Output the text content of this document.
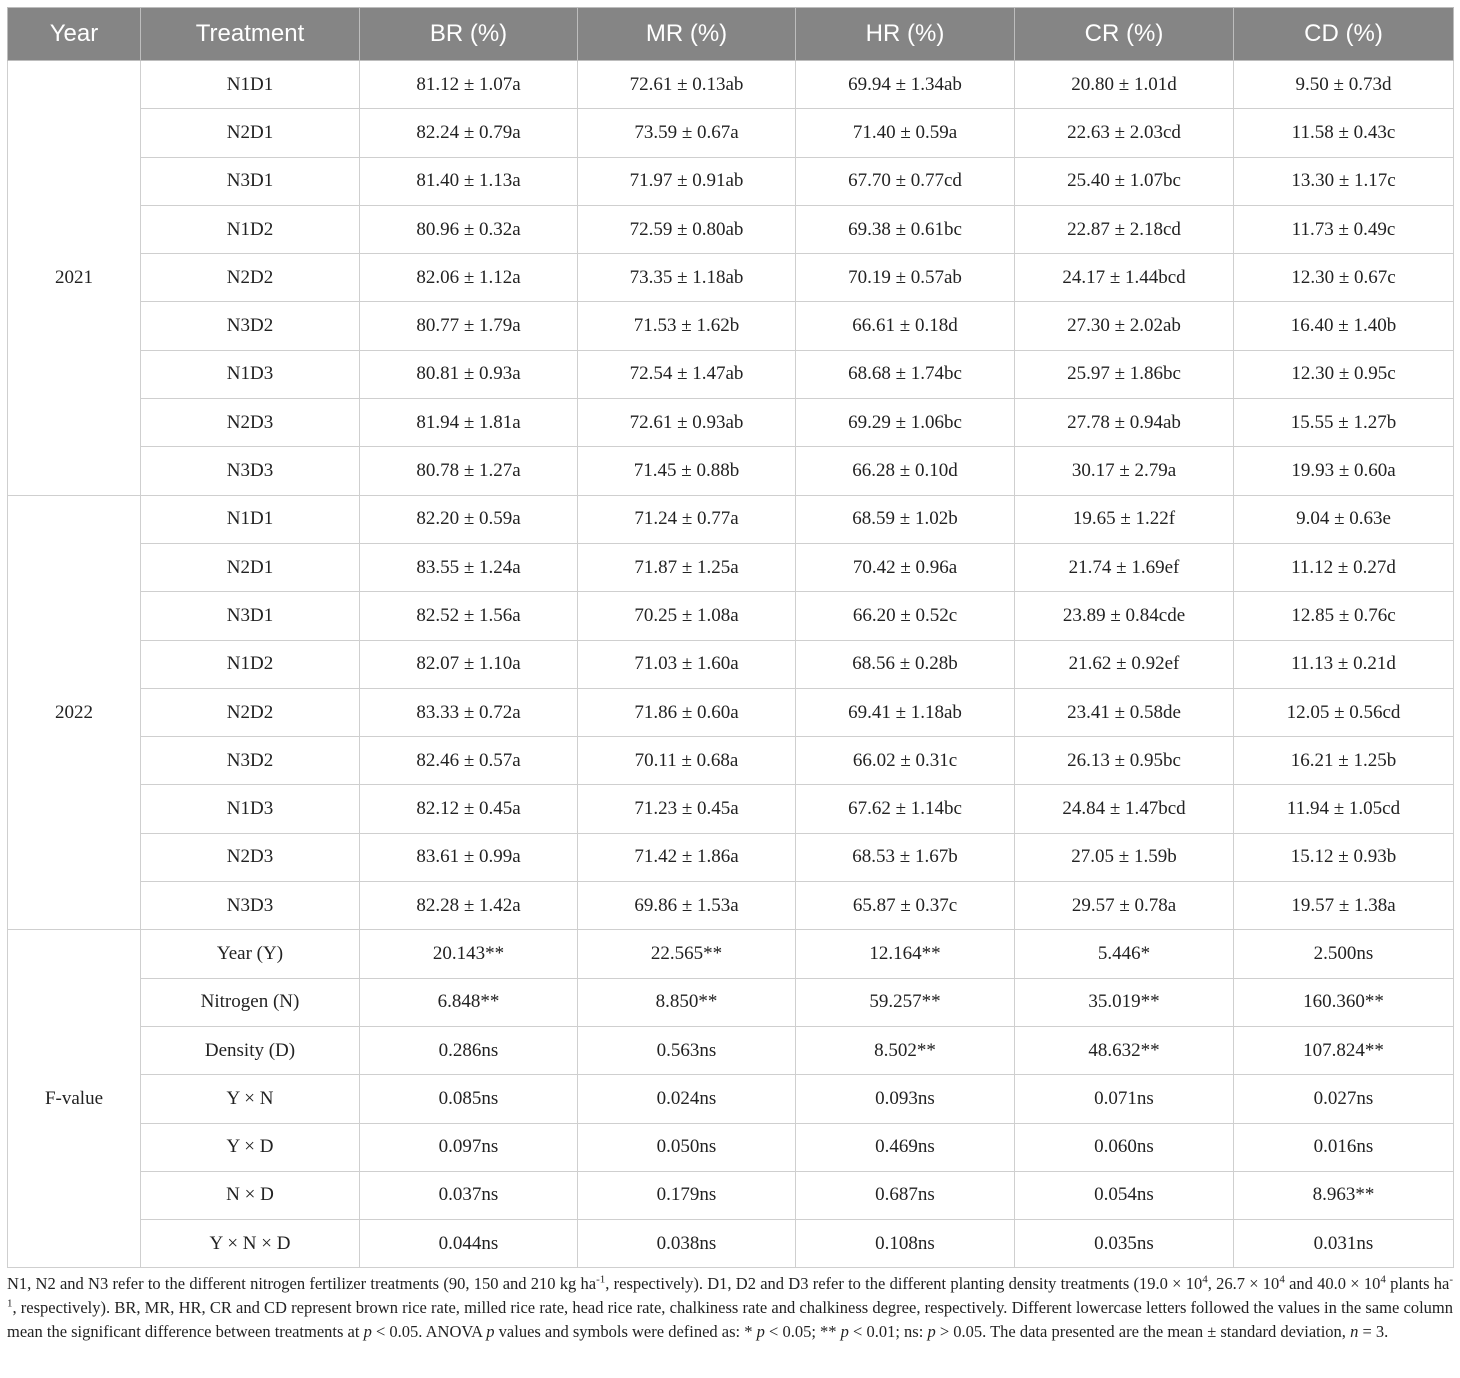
Year	Treatment	BR (%)	MR (%)	HR (%)	CR (%)	CD (%)
2021	N1D1	81.12 ± 1.07a	72.61 ± 0.13ab	69.94 ± 1.34ab	20.80 ± 1.01d	9.50 ± 0.73d
	N2D1	82.24 ± 0.79a	73.59 ± 0.67a	71.40 ± 0.59a	22.63 ± 2.03cd	11.58 ± 0.43c
	N3D1	81.40 ± 1.13a	71.97 ± 0.91ab	67.70 ± 0.77cd	25.40 ± 1.07bc	13.30 ± 1.17c
	N1D2	80.96 ± 0.32a	72.59 ± 0.80ab	69.38 ± 0.61bc	22.87 ± 2.18cd	11.73 ± 0.49c
	N2D2	82.06 ± 1.12a	73.35 ± 1.18ab	70.19 ± 0.57ab	24.17 ± 1.44bcd	12.30 ± 0.67c
	N3D2	80.77 ± 1.79a	71.53 ± 1.62b	66.61 ± 0.18d	27.30 ± 2.02ab	16.40 ± 1.40b
	N1D3	80.81 ± 0.93a	72.54 ± 1.47ab	68.68 ± 1.74bc	25.97 ± 1.86bc	12.30 ± 0.95c
	N2D3	81.94 ± 1.81a	72.61 ± 0.93ab	69.29 ± 1.06bc	27.78 ± 0.94ab	15.55 ± 1.27b
	N3D3	80.78 ± 1.27a	71.45 ± 0.88b	66.28 ± 0.10d	30.17 ± 2.79a	19.93 ± 0.60a
2022	N1D1	82.20 ± 0.59a	71.24 ± 0.77a	68.59 ± 1.02b	19.65 ± 1.22f	9.04 ± 0.63e
	N2D1	83.55 ± 1.24a	71.87 ± 1.25a	70.42 ± 0.96a	21.74 ± 1.69ef	11.12 ± 0.27d
	N3D1	82.52 ± 1.56a	70.25 ± 1.08a	66.20 ± 0.52c	23.89 ± 0.84cde	12.85 ± 0.76c
	N1D2	82.07 ± 1.10a	71.03 ± 1.60a	68.56 ± 0.28b	21.62 ± 0.92ef	11.13 ± 0.21d
	N2D2	83.33 ± 0.72a	71.86 ± 0.60a	69.41 ± 1.18ab	23.41 ± 0.58de	12.05 ± 0.56cd
	N3D2	82.46 ± 0.57a	70.11 ± 0.68a	66.02 ± 0.31c	26.13 ± 0.95bc	16.21 ± 1.25b
	N1D3	82.12 ± 0.45a	71.23 ± 0.45a	67.62 ± 1.14bc	24.84 ± 1.47bcd	11.94 ± 1.05cd
	N2D3	83.61 ± 0.99a	71.42 ± 1.86a	68.53 ± 1.67b	27.05 ± 1.59b	15.12 ± 0.93b
	N3D3	82.28 ± 1.42a	69.86 ± 1.53a	65.87 ± 0.37c	29.57 ± 0.78a	19.57 ± 1.38a
F-value	Year (Y)	20.143**	22.565**	12.164**	5.446*	2.500ns
	Nitrogen (N)	6.848**	8.850**	59.257**	35.019**	160.360**
	Density (D)	0.286ns	0.563ns	8.502**	48.632**	107.824**
	Y × N	0.085ns	0.024ns	0.093ns	0.071ns	0.027ns
	Y × D	0.097ns	0.050ns	0.469ns	0.060ns	0.016ns
	N × D	0.037ns	0.179ns	0.687ns	0.054ns	8.963**
	Y × N × D	0.044ns	0.038ns	0.108ns	0.035ns	0.031ns

N1, N2 and N3 refer to the different nitrogen fertilizer treatments (90, 150 and 210 kg $ha^{-1}$, respectively). D1, D2 and D3 refer to the different planting density treatments ($19.0 \times 10^4$, $26.7 \times 10^4$ and $40.0 \times 10^4$ plants $ha^{-1}$, respectively). BR, MR, HR, CR and CD represent brown rice rate, milled rice rate, head rice rate, chalkiness rate and chalkiness degree, respectively. Different lowercase letters followed the values in the same column mean the significant difference between treatments at p < 0.05. ANOVA p values and symbols were defined as: * p < 0.05; ** p < 0.01; ns: p > 0.05. The data presented are the mean ± standard deviation, n = 3.
